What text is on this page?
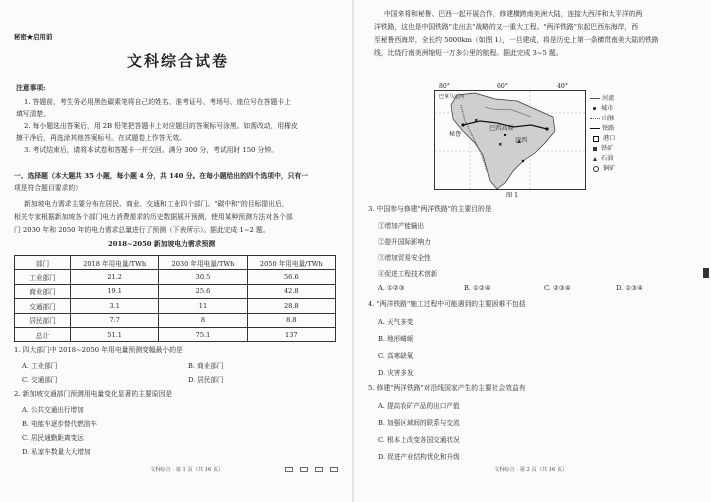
秘密★启用前
文科综合试卷
注意事项:
1. 答题前，考生务必用黑色碳素笔将自己的姓名、准考证号、考场号、座位号在答题卡上
填写清楚。
2. 每小题选出答案后，用 2B 铅笔把答题卡上对应题目的答案标号涂黑。如需改动，用橡皮
擦干净后，再选涂其他答案标号。在试题卷上作答无效。
3. 考试结束后，请将本试卷和答题卡一并交回。满分 300 分，考试用时 150 分钟。
一、选择题（本大题共 35 小题，每小题 4 分，共 140 分。在每小题给出的四个选项中，只有一
项是符合题目要求的）
新加坡电力需求主要分布在居民、商业、交通和工业四个部门。"碳中和"的目标提出后，
相关专家根据新加坡各个部门电力消费需求的历史数据展开预测，使用某种预测方法对各个部
门 2030 年和 2050 年的电力需求总量进行了预测（下表所示）。据此完成 1~2 题。
2018~2050 新加坡电力需求预测
部门	2018 年用电量/TWh	2030 年用电量/TWh	2050 年用电量/TWh
工业部门	21.2	30.5	56.6
商业部门	19.1	25.6	42.8
交通部门	3.1	11	28.8
居民部门	7.7	8	8.8
总计	51.1	75.1	137
1. 四大部门中 2018~2050 年用电量预测变幅最小的是
A. 工业部门	B. 商业部门
C. 交通部门	D. 居民部门
2. 新加坡交通部门预测用电量变化显著的主要原因是
A. 公共交通出行增加
B. 电能车逐步替代燃油车
C. 居民通勤距离变远
D. 私家车数量大大增加
文科综合 · 第 1 页（共 16 页）
中国来将和秘鲁、巴西一起开展合作，修建横跨南美洲大陆，连接大西洋和太平洋的两
洋铁路，这也是中国铁路"走出去"战略的又一重大工程。"两洋铁路"东起巴西东海岸，西
至秘鲁西海岸，全长约 5000km（如图 1），一旦建成，将是历史上第一条横贯南美大陆的铁路
线，比绕行南美洲缩短一万多公里的航程。据此完成 3~5 题。
80°	60°	40°
秘鲁
巴西高原
巴西
巴拿马运河	河流
城市
山脉
铁路
港口
铁矿
石油
铜矿
图 1
3. 中国参与修建"两洋铁路"的主要目的是
①增加产能输出
②提升国际影响力
③增加贸易安全性
④促进工程技术创新
A. ①②③	B. ①②④	C. ②③④	D. ①③④
4. "两洋铁路"施工过程中可能遇到的主要困难不包括
A. 天气多变
B. 地形崎岖
C. 高寒缺氧
D. 灾害多发
5. 修建"两洋铁路"对沿线国家产生的主要社会效益有
A. 提高农矿产品的出口产值
B. 加强区域间的联系与交流
C. 根本上改变各国交通状况
D. 促进产业结构优化和升级
文科综合 · 第 2 页（共 16 页）
